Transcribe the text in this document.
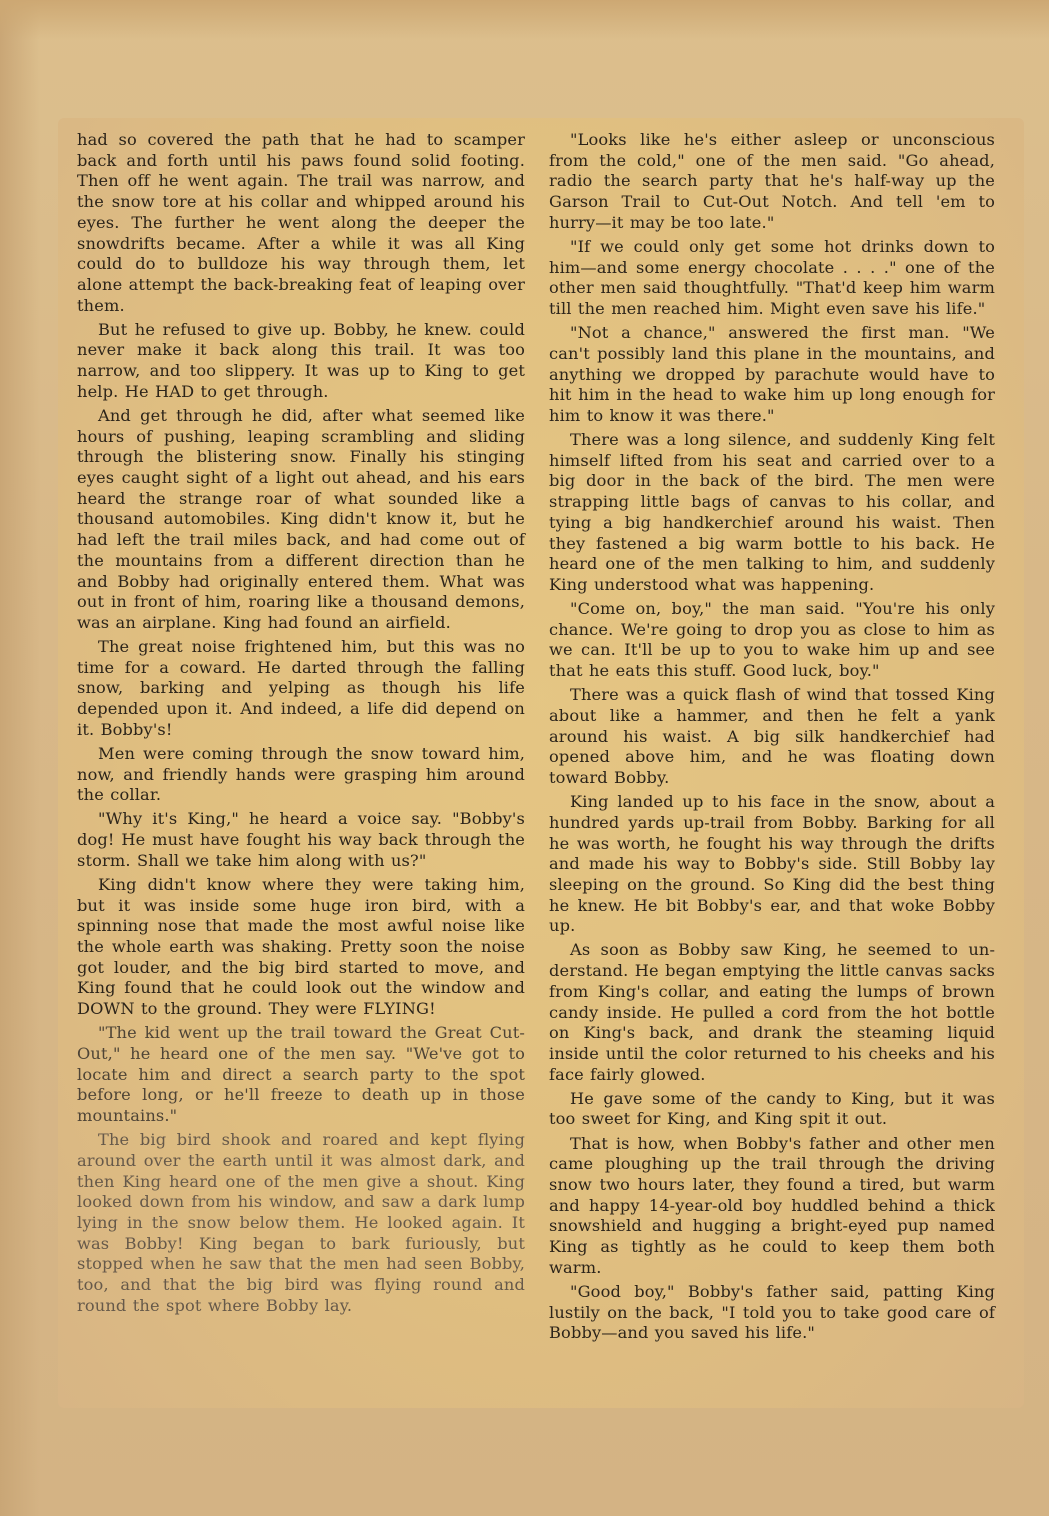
had so covered the path that he had to scamper back and forth until his paws found solid footing. Then off he went again. The trail was narrow, and the snow tore at his collar and whipped around his eyes. The further he went along the deeper the snowdrifts became. After a while it was all King could do to bulldoze his way through them, let alone attempt the back-breaking feat of leaping over them.

But he refused to give up. Bobby, he knew. could never make it back along this trail. It was too narrow, and too slippery. It was up to King to get help. He HAD to get through.

And get through he did, after what seemed like hours of pushing, leaping scrambling and sliding through the blistering snow. Finally his stinging eyes caught sight of a light out ahead, and his ears heard the strange roar of what sounded like a thousand automobiles. King didn't know it, but he had left the trail miles back, and had come out of the mountains from a different direction than he and Bobby had originally entered them. What was out in front of him, roaring like a thousand demons, was an airplane. King had found an airfield.

The great noise frightened him, but this was no time for a coward. He darted through the falling snow, barking and yelping as though his life depended upon it. And indeed, a life did depend on it. Bobby's!

Men were coming through the snow toward him, now, and friendly hands were grasping him around the collar.

"Why it's King," he heard a voice say. "Bobby's dog! He must have fought his way back through the storm. Shall we take him along with us?"

King didn't know where they were taking him, but it was inside some huge iron bird, with a spinning nose that made the most awful noise like the whole earth was shaking. Pretty soon the noise got louder, and the big bird started to move, and King found that he could look out the window and DOWN to the ground. They were FLYING!

"The kid went up the trail toward the Great Cut-Out," he heard one of the men say. "We've got to locate him and direct a search party to the spot before long, or he'll freeze to death up in those mountains."

The big bird shook and roared and kept flying around over the earth until it was almost dark, and then King heard one of the men give a shout. King looked down from his window, and saw a dark lump lying in the snow below them. He looked again. It was Bobby! King began to bark furiously, but stopped when he saw that the men had seen Bobby, too, and that the big bird was flying round and round the spot where Bobby lay.

"Looks like he's either asleep or unconscious from the cold," one of the men said. "Go ahead, radio the search party that he's half-way up the Garson Trail to Cut-Out Notch. And tell 'em to hurry—it may be too late."

"If we could only get some hot drinks down to him—and some energy chocolate . . . ." one of the other men said thoughtfully. "That'd keep him warm till the men reached him. Might even save his life."

"Not a chance," answered the first man. "We can't possibly land this plane in the mountains, and anything we dropped by parachute would have to hit him in the head to wake him up long enough for him to know it was there."

There was a long silence, and suddenly King felt himself lifted from his seat and carried over to a big door in the back of the bird. The men were strapping little bags of canvas to his collar, and tying a big handkerchief around his waist. Then they fastened a big warm bottle to his back. He heard one of the men talking to him, and suddenly King understood what was happening.

"Come on, boy," the man said. "You're his only chance. We're going to drop you as close to him as we can. It'll be up to you to wake him up and see that he eats this stuff. Good luck, boy."

There was a quick flash of wind that tossed King about like a hammer, and then he felt a yank around his waist. A big silk handkerchief had opened above him, and he was floating down toward Bobby.

King landed up to his face in the snow, about a hundred yards up-trail from Bobby. Barking for all he was worth, he fought his way through the drifts and made his way to Bobby's side. Still Bobby lay sleeping on the ground. So King did the best thing he knew. He bit Bobby's ear, and that woke Bobby up.

As soon as Bobby saw King, he seemed to understand. He began emptying the little canvas sacks from King's collar, and eating the lumps of brown candy inside. He pulled a cord from the hot bottle on King's back, and drank the steaming liquid inside until the color returned to his cheeks and his face fairly glowed.

He gave some of the candy to King, but it was too sweet for King, and King spit it out.

That is how, when Bobby's father and other men came ploughing up the trail through the driving snow two hours later, they found a tired, but warm and happy 14-year-old boy huddled behind a thick snowshield and hugging a bright-eyed pup named King as tightly as he could to keep them both warm.

"Good boy," Bobby's father said, patting King lustily on the back, "I told you to take good care of Bobby—and you saved his life."
